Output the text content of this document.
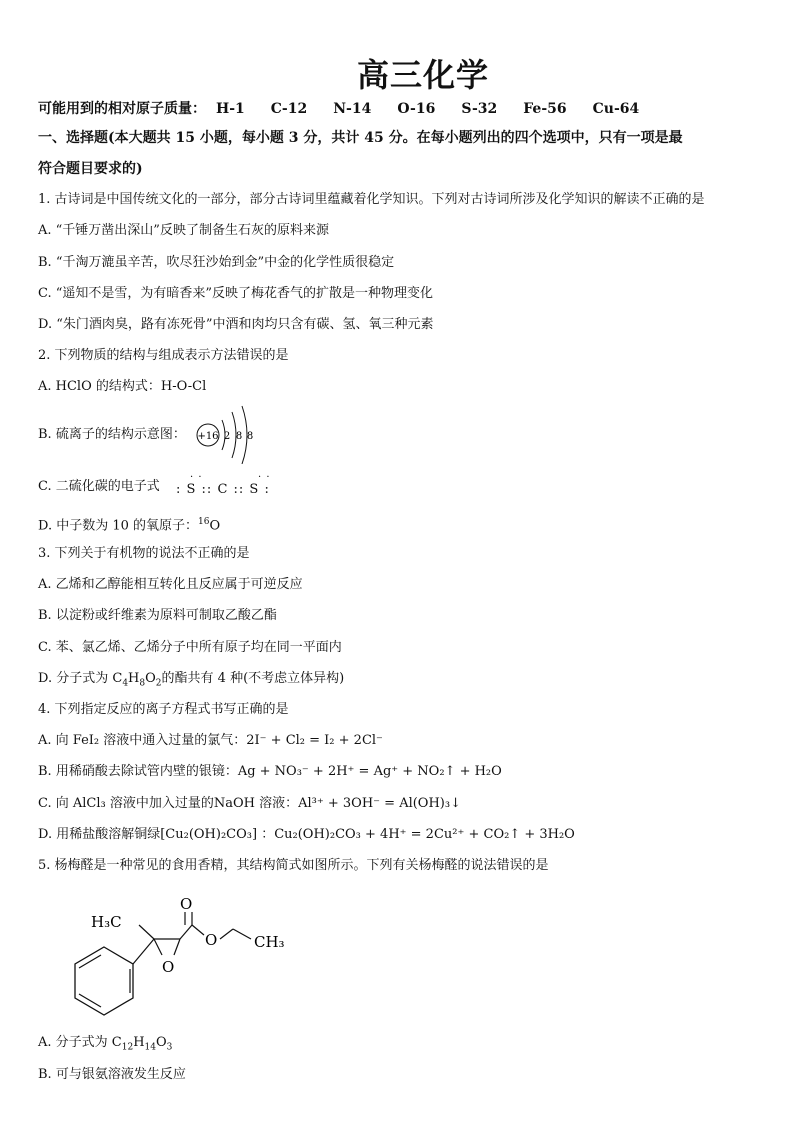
高三化学
可能用到的相对原子质量： H-1 C-12 N-14 O-16 S-32 Fe-56 Cu-64
一、选择题(本大题共 15 小题，每小题 3 分，共计 45 分。在每小题列出的四个选项中，只有一项是最
符合题目要求的)
1. 古诗词是中国传统文化的一部分，部分古诗词里蕴藏着化学知识。下列对古诗词所涉及化学知识的解读不正确的是
A. “千锤万凿出深山”反映了制备生石灰的原料来源
B. “千淘万漉虽辛苦，吹尽狂沙始到金”中金的化学性质很稳定
C. “遥知不是雪，为有暗香来”反映了梅花香气的扩散是一种物理变化
D. “朱门酒肉臭，路有冻死骨”中酒和肉均只含有碳、氢、氧三种元素
2. 下列物质的结构与组成表示方法错误的是
A. HClO 的结构式：H-O-Cl
B. 硫离子的结构示意图： +16 2 8 8
C. 二硫化碳的电子式
· ·	· ·
: S :: C :: S :
D. 中子数为 10 的氧原子：$^{16}$O
3. 下列关于有机物的说法不正确的是
A. 乙烯和乙醇能相互转化且反应属于可逆反应
B. 以淀粉或纤维素为原料可制取乙酸乙酯
C. 苯、氯乙烯、乙烯分子中所有原子均在同一平面内
D. 分子式为 $C_4H_8O_2$的酯共有 4 种(不考虑立体异构)
4. 下列指定反应的离子方程式书写正确的是
A. 向 FeI₂ 溶液中通入过量的氯气：2I⁻ + Cl₂ = I₂ + 2Cl⁻
B. 用稀硝酸去除试管内壁的银镜：Ag + NO₃⁻ + 2H⁺ = Ag⁺ + NO₂↑ + H₂O
C. 向 AlCl₃ 溶液中加入过量的NaOH 溶液：Al³⁺ + 3OH⁻ = Al(OH)₃↓
D. 用稀盐酸溶解铜绿[Cu₂(OH)₂CO₃] ：Cu₂(OH)₂CO₃ + 4H⁺ = 2Cu²⁺ + CO₂↑ + 3H₂O
5. 杨梅醛是一种常见的食用香精，其结构简式如图所示。下列有关杨梅醛的说法错误的是
H₃C
O
O
O CH₃
A. 分子式为 $C_{12}H_{14}O_3$
B. 可与银氨溶液发生反应
